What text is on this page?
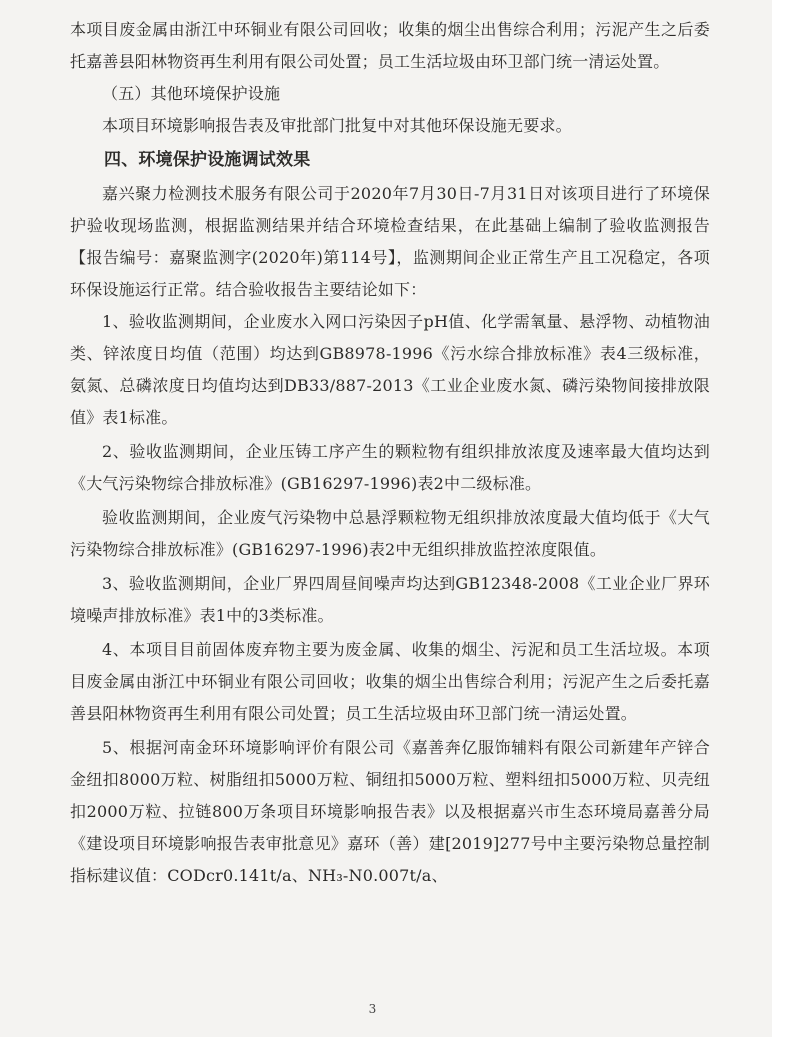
本项目废金属由浙江中环铜业有限公司回收；收集的烟尘出售综合利用；污泥产生之后委托嘉善县阳林物资再生利用有限公司处置；员工生活垃圾由环卫部门统一清运处置。

（五）其他环境保护设施

本项目环境影响报告表及审批部门批复中对其他环保设施无要求。

四、环境保护设施调试效果

嘉兴聚力检测技术服务有限公司于2020年7月30日-7月31日对该项目进行了环境保护验收现场监测，根据监测结果并结合环境检查结果，在此基础上编制了验收监测报告【报告编号：嘉聚监测字(2020年)第114号】，监测期间企业正常生产且工况稳定，各项环保设施运行正常。结合验收报告主要结论如下：

1、验收监测期间，企业废水入网口污染因子pH值、化学需氧量、悬浮物、动植物油类、锌浓度日均值（范围）均达到GB8978-1996《污水综合排放标准》表4三级标准，氨氮、总磷浓度日均值均达到DB33/887-2013《工业企业废水氮、磷污染物间接排放限值》表1标准。

2、验收监测期间，企业压铸工序产生的颗粒物有组织排放浓度及速率最大值均达到《大气污染物综合排放标准》(GB16297-1996)表2中二级标准。

验收监测期间，企业废气污染物中总悬浮颗粒物无组织排放浓度最大值均低于《大气污染物综合排放标准》(GB16297-1996)表2中无组织排放监控浓度限值。

3、验收监测期间，企业厂界四周昼间噪声均达到GB12348-2008《工业企业厂界环境噪声排放标准》表1中的3类标准。

4、本项目目前固体废弃物主要为废金属、收集的烟尘、污泥和员工生活垃圾。本项目废金属由浙江中环铜业有限公司回收；收集的烟尘出售综合利用；污泥产生之后委托嘉善县阳林物资再生利用有限公司处置；员工生活垃圾由环卫部门统一清运处置。

5、根据河南金环环境影响评价有限公司《嘉善奔亿服饰辅料有限公司新建年产锌合金纽扣8000万粒、树脂纽扣5000万粒、铜纽扣5000万粒、塑料纽扣5000万粒、贝壳纽扣2000万粒、拉链800万条项目环境影响报告表》以及根据嘉兴市生态环境局嘉善分局《建设项目环境影响报告表审批意见》嘉环（善）建[2019]277号中主要污染物总量控制指标建议值：CODcr0.141t/a、NH₃-N0.007t/a、

3
